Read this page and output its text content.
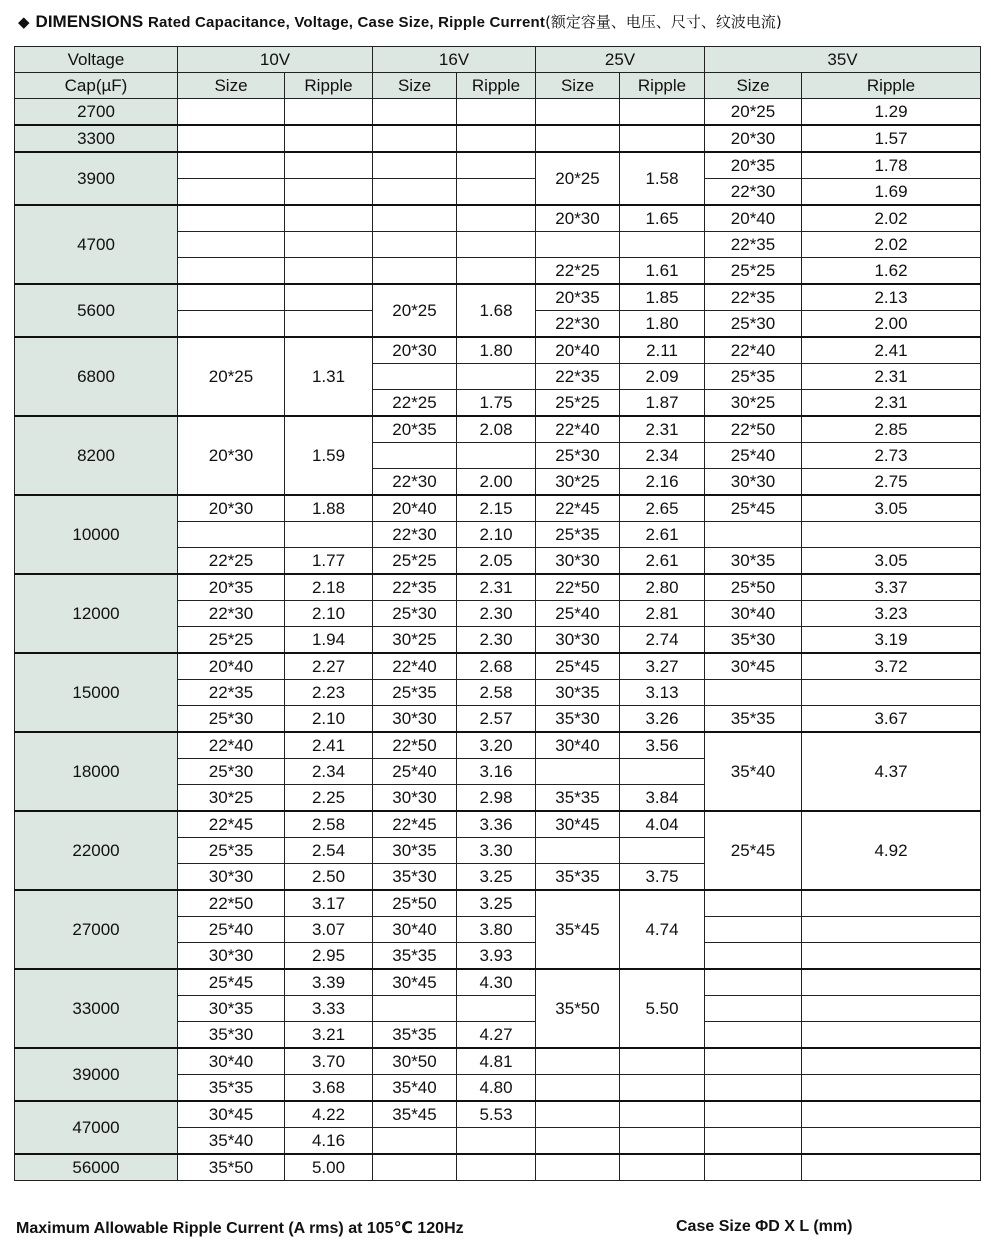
◆ DIMENSIONS Rated Capacitance, Voltage, Case Size, Ripple Current(额定容量、电压、尺寸、纹波电流)
Voltage	10V		16V		25V		35V	
Cap(µF)	Size	Ripple	Size	Ripple	Size	Ripple	Size	Ripple
2700							20*25	1.29
3300							20*30	1.57
3900					20*25	1.58	20*35	1.78
							22*30	1.69
4700					20*30	1.65	20*40	2.02
							22*35	2.02
					22*25	1.61	25*25	1.62
5600			20*25	1.68	20*35	1.85	22*35	2.13
					22*30	1.80	25*30	2.00
6800	20*25	1.31	20*30	1.80	20*40	2.11	22*40	2.41
					22*35	2.09	25*35	2.31
			22*25	1.75	25*25	1.87	30*25	2.31
8200	20*30	1.59	20*35	2.08	22*40	2.31	22*50	2.85
					25*30	2.34	25*40	2.73
			22*30	2.00	30*25	2.16	30*30	2.75
10000	20*30	1.88	20*40	2.15	22*45	2.65	25*45	3.05
			22*30	2.10	25*35	2.61		
	22*25	1.77	25*25	2.05	30*30	2.61	30*35	3.05
12000	20*35	2.18	22*35	2.31	22*50	2.80	25*50	3.37
	22*30	2.10	25*30	2.30	25*40	2.81	30*40	3.23
	25*25	1.94	30*25	2.30	30*30	2.74	35*30	3.19
15000	20*40	2.27	22*40	2.68	25*45	3.27	30*45	3.72
	22*35	2.23	25*35	2.58	30*35	3.13		
	25*30	2.10	30*30	2.57	35*30	3.26	35*35	3.67
18000	22*40	2.41	22*50	3.20	30*40	3.56	35*40	4.37
	25*30	2.34	25*40	3.16				
	30*25	2.25	30*30	2.98	35*35	3.84		
22000	22*45	2.58	22*45	3.36	30*45	4.04	25*45	4.92
	25*35	2.54	30*35	3.30				
	30*30	2.50	35*30	3.25	35*35	3.75		
27000	22*50	3.17	25*50	3.25	35*45	4.74		
	25*40	3.07	30*40	3.80				
	30*30	2.95	35*35	3.93				
33000	25*45	3.39	30*45	4.30	35*50	5.50		
	30*35	3.33						
	35*30	3.21	35*35	4.27				
39000	30*40	3.70	30*50	4.81				
	35*35	3.68	35*40	4.80				
47000	30*45	4.22	35*45	5.53				
	35*40	4.16						
56000	35*50	5.00						
Maximum Allowable Ripple Current (A rms) at 105℃ 120Hz	Case Size ΦD X L (mm)
